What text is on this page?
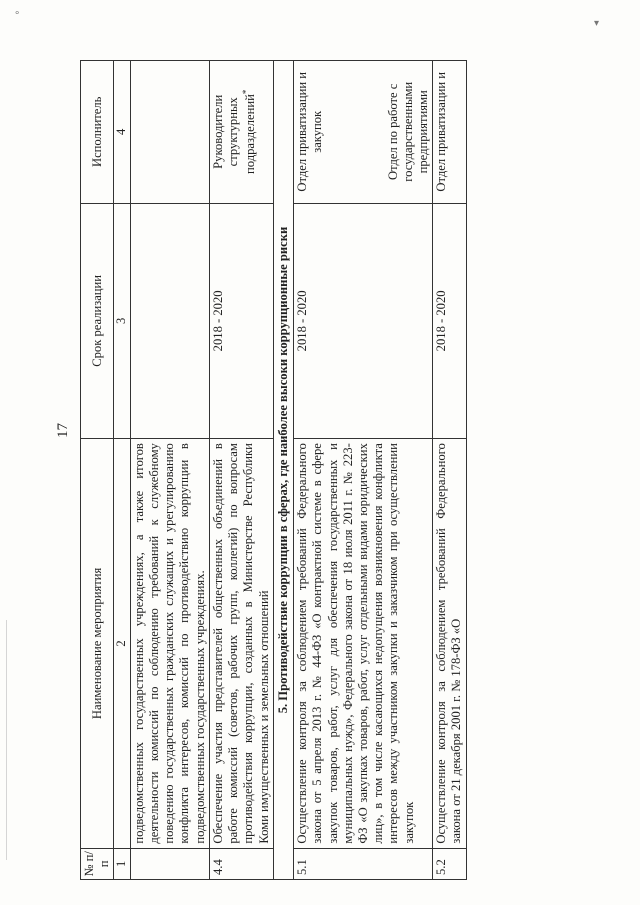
∘
▾
17
№ п/п	Наименование мероприятия	Срок реализации	Исполнитель
1	2	3	4
	подведомственных государственных учреждениях, а также итогов деятельности комиссий по соблюдению требований к служебному поведению государственных гражданских служащих и урегулированию конфликта интересов, комиссий по противодействию коррупции в подведомственных государственных учреждениях.		
4.4	Обеспечение участия представителей общественных объединений в работе комиссий (советов, рабочих групп, коллегий) по вопросам противодействия коррупции, созданных в Министерстве Республики Коми имущественных и земельных отношений	2018 - 2020	Руководители структурных подразделений*
5. Противодействие коррупции в сферах, где наиболее высоки коррупционные риски			
5.1	Осуществление контроля за соблюдением требований Федерального закона от 5 апреля 2013 г. № 44-ФЗ «О контрактной системе в сфере закупок товаров, работ, услуг для обеспечения государственных и муниципальных нужд», Федерального закона от 18 июля 2011 г. № 223-ФЗ «О закупках товаров, работ, услуг отдельными видами юридических лиц», в том числе касающихся недопущения возникновения конфликта интересов между участником закупки и заказчиком при осуществлении закупок	2018 - 2020	Отдел приватизации и закупок Отдел по работе с государственными предприятиями
5.2	Осуществление контроля за соблюдением требований Федерального закона от 21 декабря 2001 г. № 178-ФЗ «О	2018 - 2020	Отдел приватизации и
